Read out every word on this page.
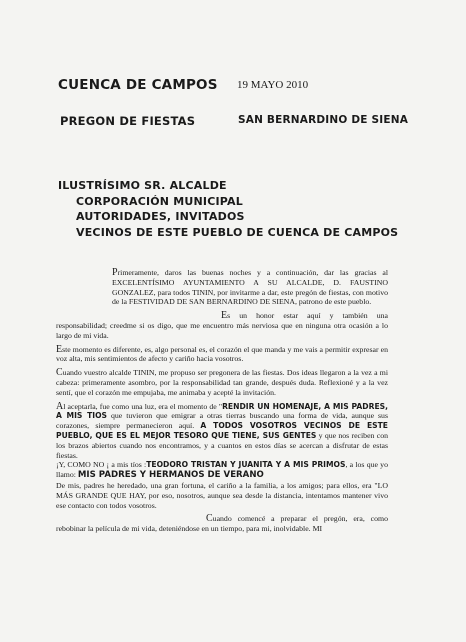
CUENCA DE CAMPOS 19 MAYO 2010
PREGON DE FIESTAS	SAN BERNARDINO DE SIENA
ILUSTRÍSIMO SR. ALCALDE
CORPORACIÓN MUNICIPAL
AUTORIDADES, INVITADOS
VECINOS DE ESTE PUEBLO DE CUENCA DE CAMPOS

Primeramente, daros las buenas noches y a continuación, dar las gracias al EXCELENTÍSIMO AYUNTAMIENTO A SU ALCALDE, D. FAUSTINO GONZALEZ, para todos TININ, por invitarme a dar, este pregón de fiestas, con motivo de la FESTIVIDAD DE SAN BERNARDINO DE SIENA, patrono de este pueblo.

Es un honor estar aquí y también una responsabilidad; creedme si os digo, que me encuentro más nerviosa que en ninguna otra ocasión a lo largo de mi vida.

Este momento es diferente, es, algo personal es, el corazón el que manda y me vais a permitir expresar en voz alta, mis sentimientos de afecto y cariño hacia vosotros.

Cuando vuestro alcalde TININ, me propuso ser pregonera de las fiestas. Dos ideas llegaron a la vez a mi cabeza: primeramente asombro, por la responsabilidad tan grande, después duda. Reflexioné y a la vez sentí, que el corazón me empujaba, me animaba y acepté la invitación.

Al aceptarla, fue como una luz, era el momento de "RENDIR UN HOMENAJE, A MIS PADRES, A MIS TIOS que tuvieron que emigrar a otras tierras buscando una forma de vida, aunque sus corazones, siempre permanecieron aquí. A TODOS VOSOTROS VECINOS DE ESTE PUEBLO, QUE ES EL MEJOR TESORO QUE TIENE, SUS GENTES y que nos reciben con los brazos abiertos cuando nos encontramos, y a cuantos en estos días se acercan a disfrutar de estas fiestas.

¡Y, COMO NO ¡ a mis tíos :TEODORO TRISTAN Y JUANITA Y A MIS PRIMOS, a los que yo llamo: MIS PADRES Y HERMANOS DE VERANO
De mis, padres he heredado, una gran fortuna, el cariño a la familia, a los amigos; para ellos, era "LO MÁS GRANDE QUE HAY, por eso, nosotros, aunque sea desde la distancia, intentamos mantener vivo ese contacto con todos vosotros.

Cuando comencé a preparar el pregón, era, como rebobinar la película de mi vida, deteniéndose en un tiempo, para mi, inolvidable. MI
